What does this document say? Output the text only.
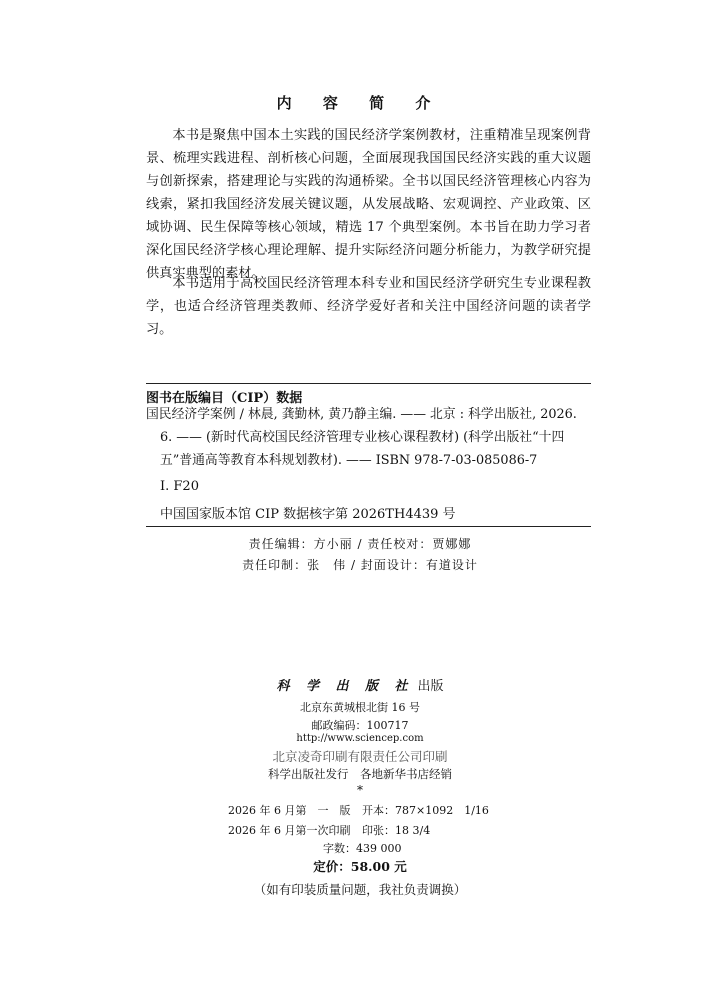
内 容 简 介

本书是聚焦中国本土实践的国民经济学案例教材，注重精准呈现案例背景、梳理实践进程、剖析核心问题，全面展现我国国民经济实践的重大议题与创新探索，搭建理论与实践的沟通桥梁。全书以国民经济管理核心内容为线索，紧扣我国经济发展关键议题，从发展战略、宏观调控、产业政策、区域协调、民生保障等核心领域，精选 17 个典型案例。本书旨在助力学习者深化国民经济学核心理论理解、提升实际经济问题分析能力，为教学研究提供真实典型的素材。

本书适用于高校国民经济管理本科专业和国民经济学研究生专业课程教学，也适合经济管理类教师、经济学爱好者和关注中国经济问题的读者学习。

图书在版编目（CIP）数据

国民经济学案例 / 林晨, 龚勤林, 黄乃静主编. —— 北京 : 科学出版社, 2026. 6. —— (新时代高校国民经济管理专业核心课程教材) (科学出版社“十四五”普通高等教育本科规划教材). —— ISBN 978-7-03-085086-7

Ⅰ. F20
中国国家版本馆 CIP 数据核字第 2026TH4439 号
责任编辑：方小丽 / 责任校对：贾娜娜
责任印制：张　伟 / 封面设计：有道设计
科 学 出 版 社 出版
北京东黄城根北街 16 号
邮政编码：100717
http://www.sciencep.com
北京凌奇印刷有限责任公司印刷
科学出版社发行　各地新华书店经销
*
2026 年 6 月第　一　版 开本：787×1092　1/16
2026 年 6 月第一次印刷 印张：18 3/4
字数：439 000
定价：58.00 元
（如有印装质量问题，我社负责调换）
